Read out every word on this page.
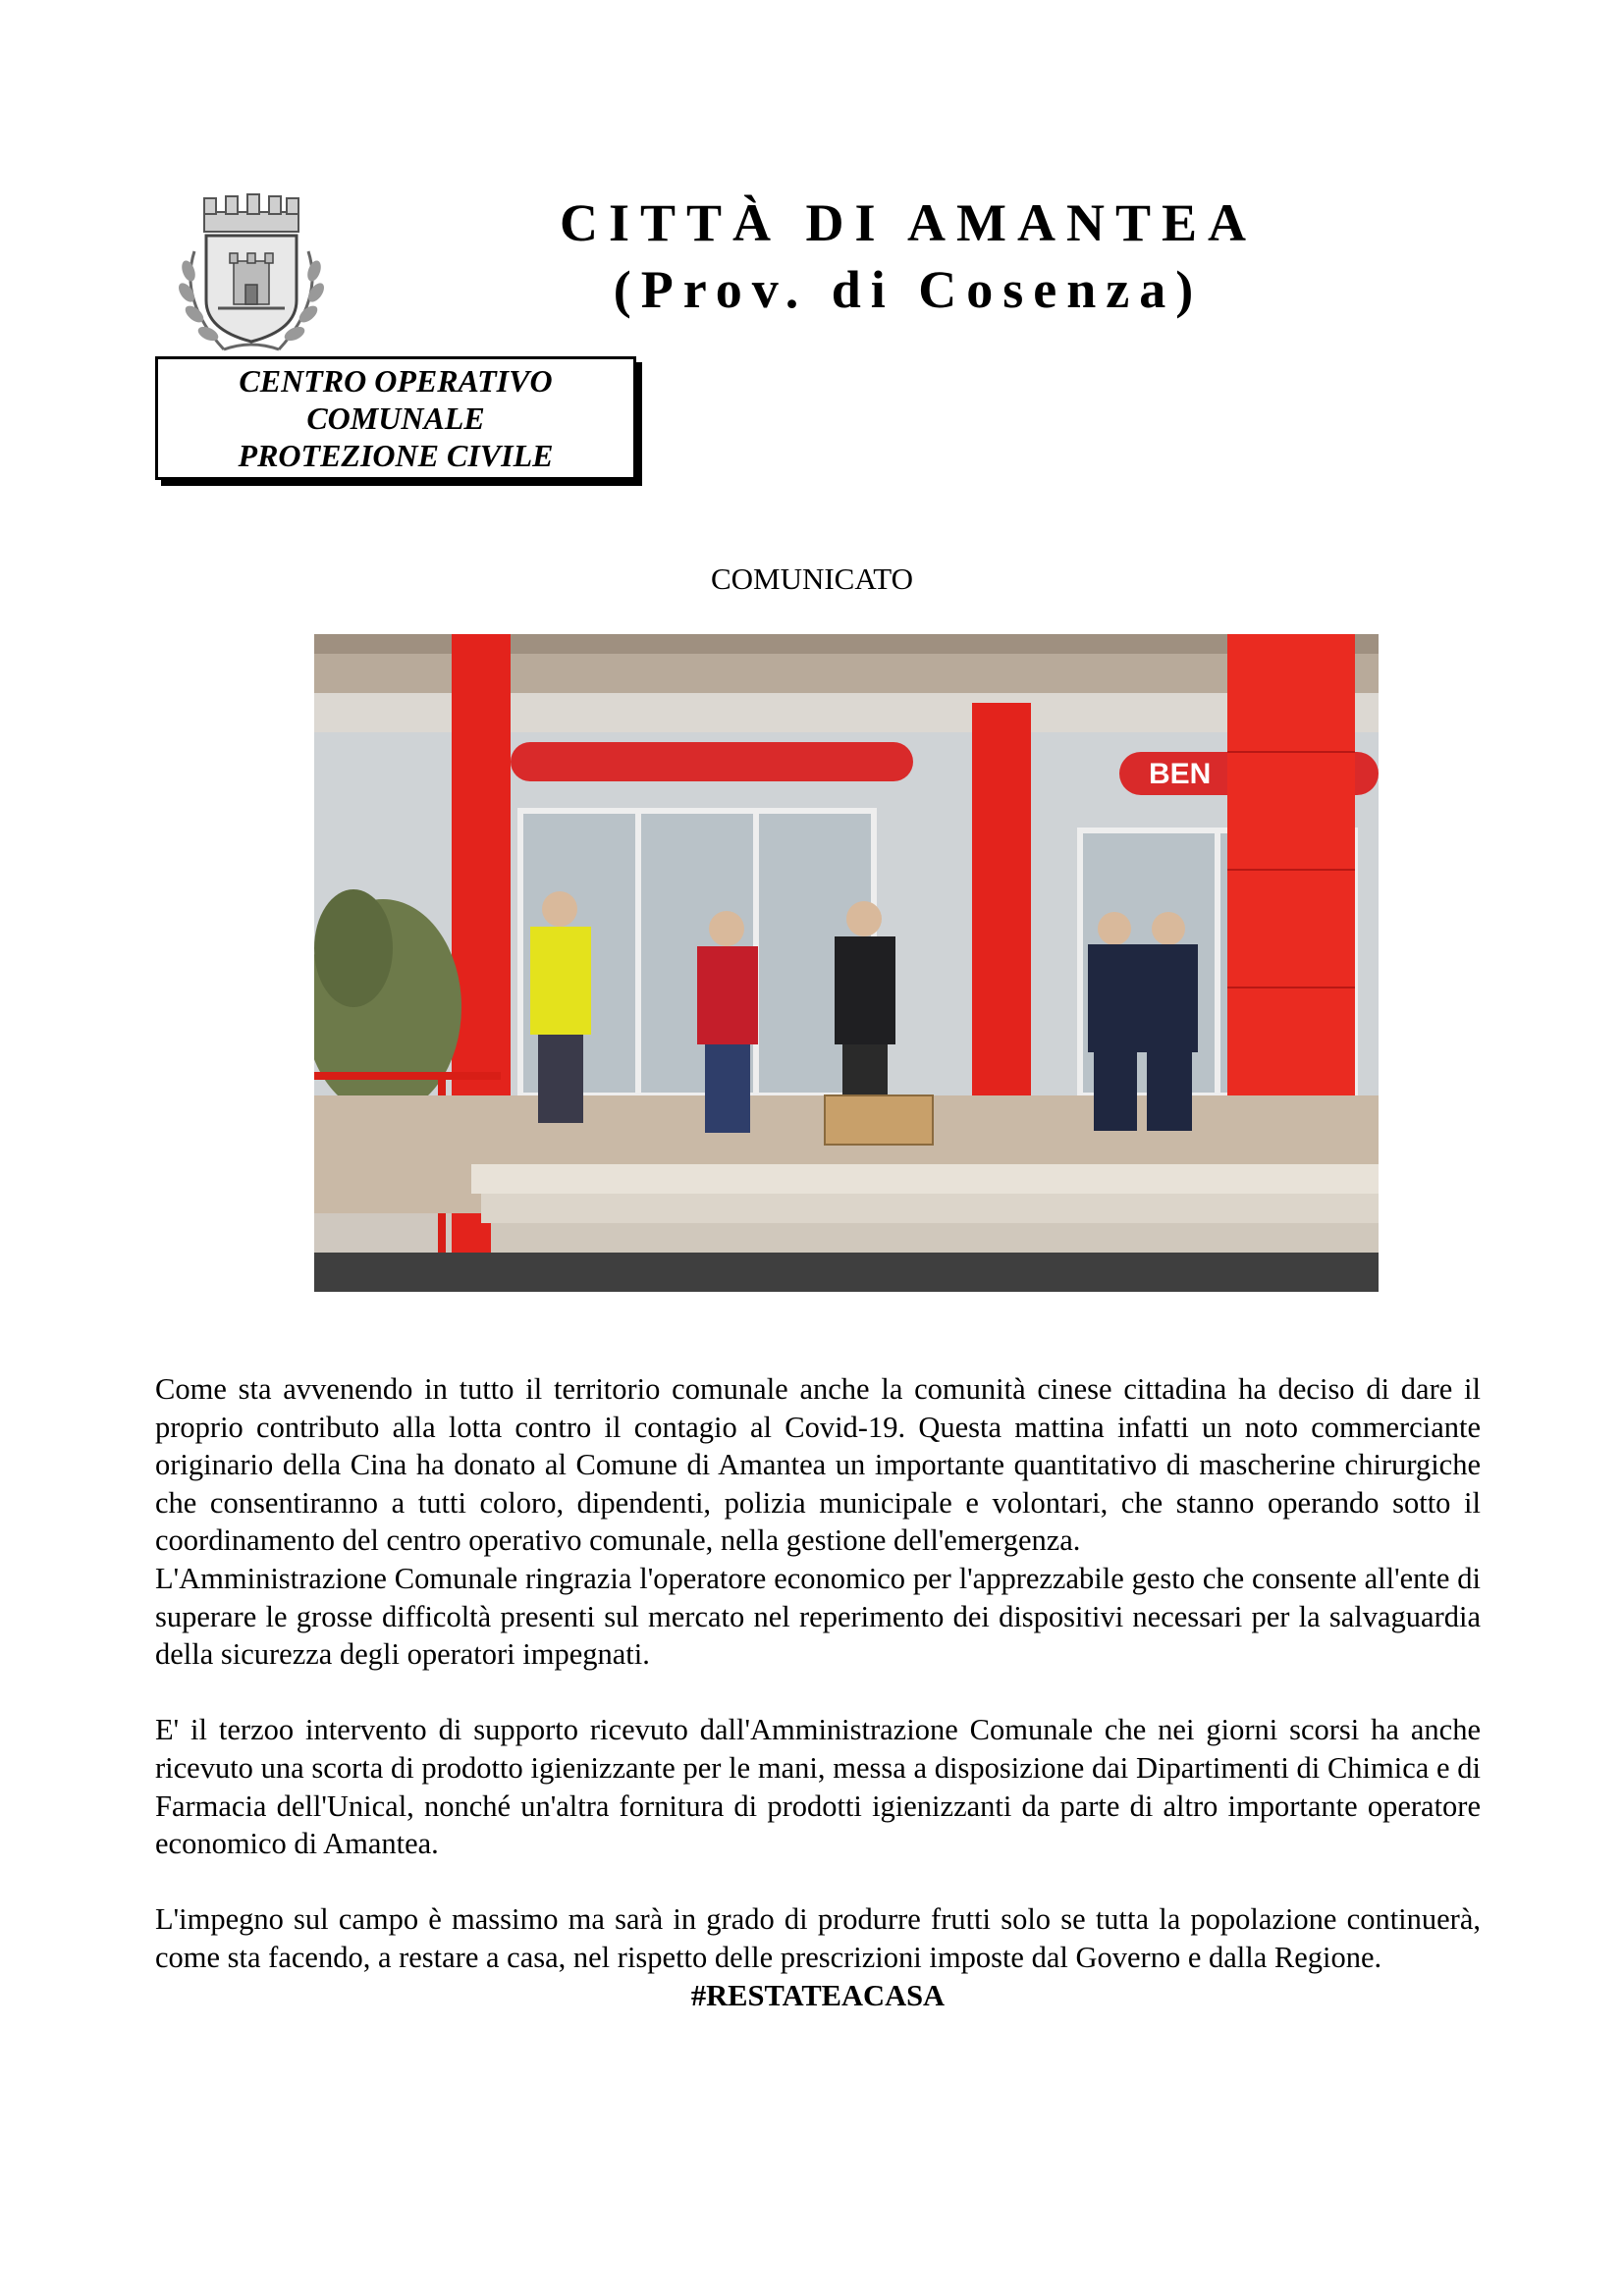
CITTÀ DI AMANTEA
(Prov. di Cosenza)
CENTRO OPERATIVO
COMUNALE
PROTEZIONE CIVILE
COMUNICATO
BEN

Come sta avvenendo in tutto il territorio comunale anche la comunità cinese cittadina ha deciso di dare il proprio contributo alla lotta contro il contagio al Covid-19. Questa mattina infatti un noto commerciante originario della Cina ha donato al Comune di Amantea un importante quantitativo di mascherine chirurgiche che consentiranno a tutti coloro, dipendenti, polizia municipale e volontari, che stanno operando sotto il coordinamento del centro operativo comunale, nella gestione dell'emergenza.

L'Amministrazione Comunale ringrazia l'operatore economico per l'apprezzabile gesto che consente all'ente di superare le grosse difficoltà presenti sul mercato nel reperimento dei dispositivi necessari per la salvaguardia della sicurezza degli operatori impegnati.

E' il terzoo intervento di supporto ricevuto dall'Amministrazione Comunale che nei giorni scorsi ha anche ricevuto una scorta di prodotto igienizzante per le mani, messa a disposizione dai Dipartimenti di Chimica e di Farmacia dell'Unical, nonché un'altra fornitura di prodotti igienizzanti da parte di altro importante operatore economico di Amantea.

L'impegno sul campo è massimo ma sarà in grado di produrre frutti solo se tutta la popolazione continuerà, come sta facendo, a restare a casa, nel rispetto delle prescrizioni imposte dal Governo e dalla Regione.

#RESTATEACASA
